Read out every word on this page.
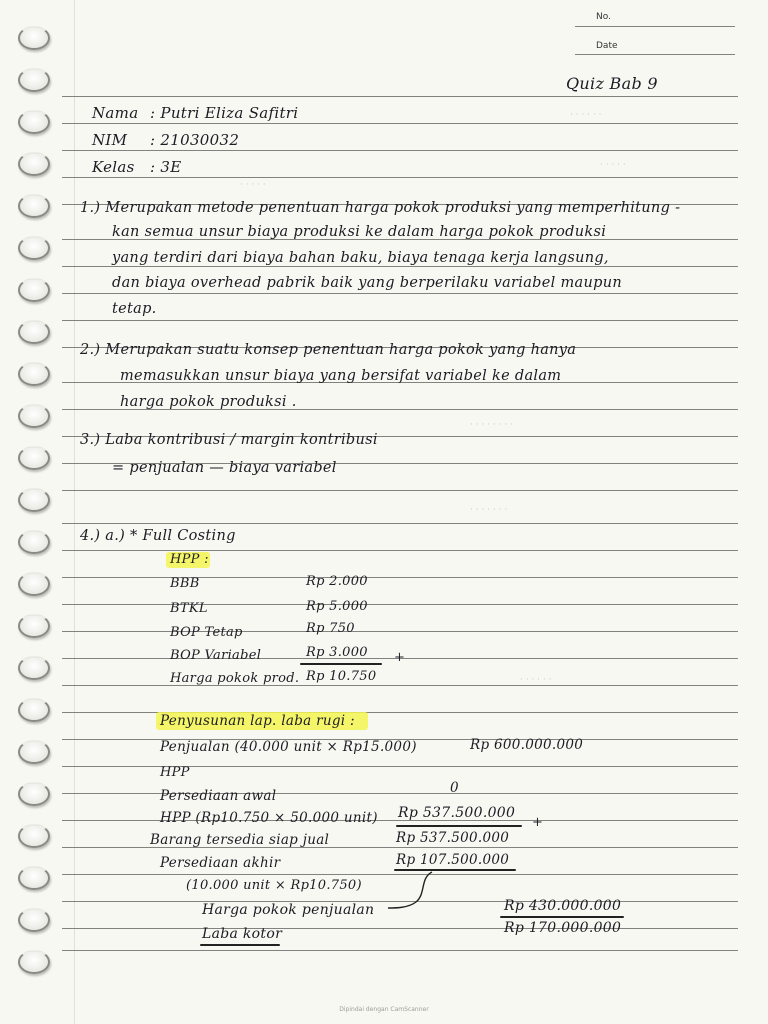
No.
Date
· · · · · ·
· · · · ·
· · · · ·
· · · · · · · ·
· · · · · · ·
· · · · · ·
Quiz Bab 9
Nama : Putri Eliza Safitri
NIM : 21030032
Kelas : 3E
1.) Merupakan metode penentuan harga pokok produksi yang memperhitung -
kan semua unsur biaya produksi ke dalam harga pokok produksi
yang terdiri dari biaya bahan baku, biaya tenaga kerja langsung,
dan biaya overhead pabrik baik yang berperilaku variabel maupun
tetap.
2.) Merupakan suatu konsep penentuan harga pokok yang hanya
memasukkan unsur biaya yang bersifat variabel ke dalam
harga pokok produksi .
3.) Laba kontribusi / margin kontribusi
= penjualan — biaya variabel
4.) a.) * Full Costing
HPP :
BBB	Rp 2.000
BTKL	Rp 5.000
BOP Tetap	Rp 750
BOP Variabel	Rp 3.000 +
Harga pokok prod. Rp 10.750
Penyusunan lap. laba rugi :
Penjualan (40.000 unit × Rp15.000)	Rp 600.000.000
HPP
Persediaan awal	0
HPP (Rp10.750 × 50.000 unit) Rp 537.500.000
+
Barang tersedia siap jual	Rp 537.500.000
Persediaan akhir	Rp 107.500.000
(10.000 unit × Rp10.750)
Harga pokok penjualan	Rp 430.000.000
Laba kotor	Rp 170.000.000
Dipindai dengan CamScanner
